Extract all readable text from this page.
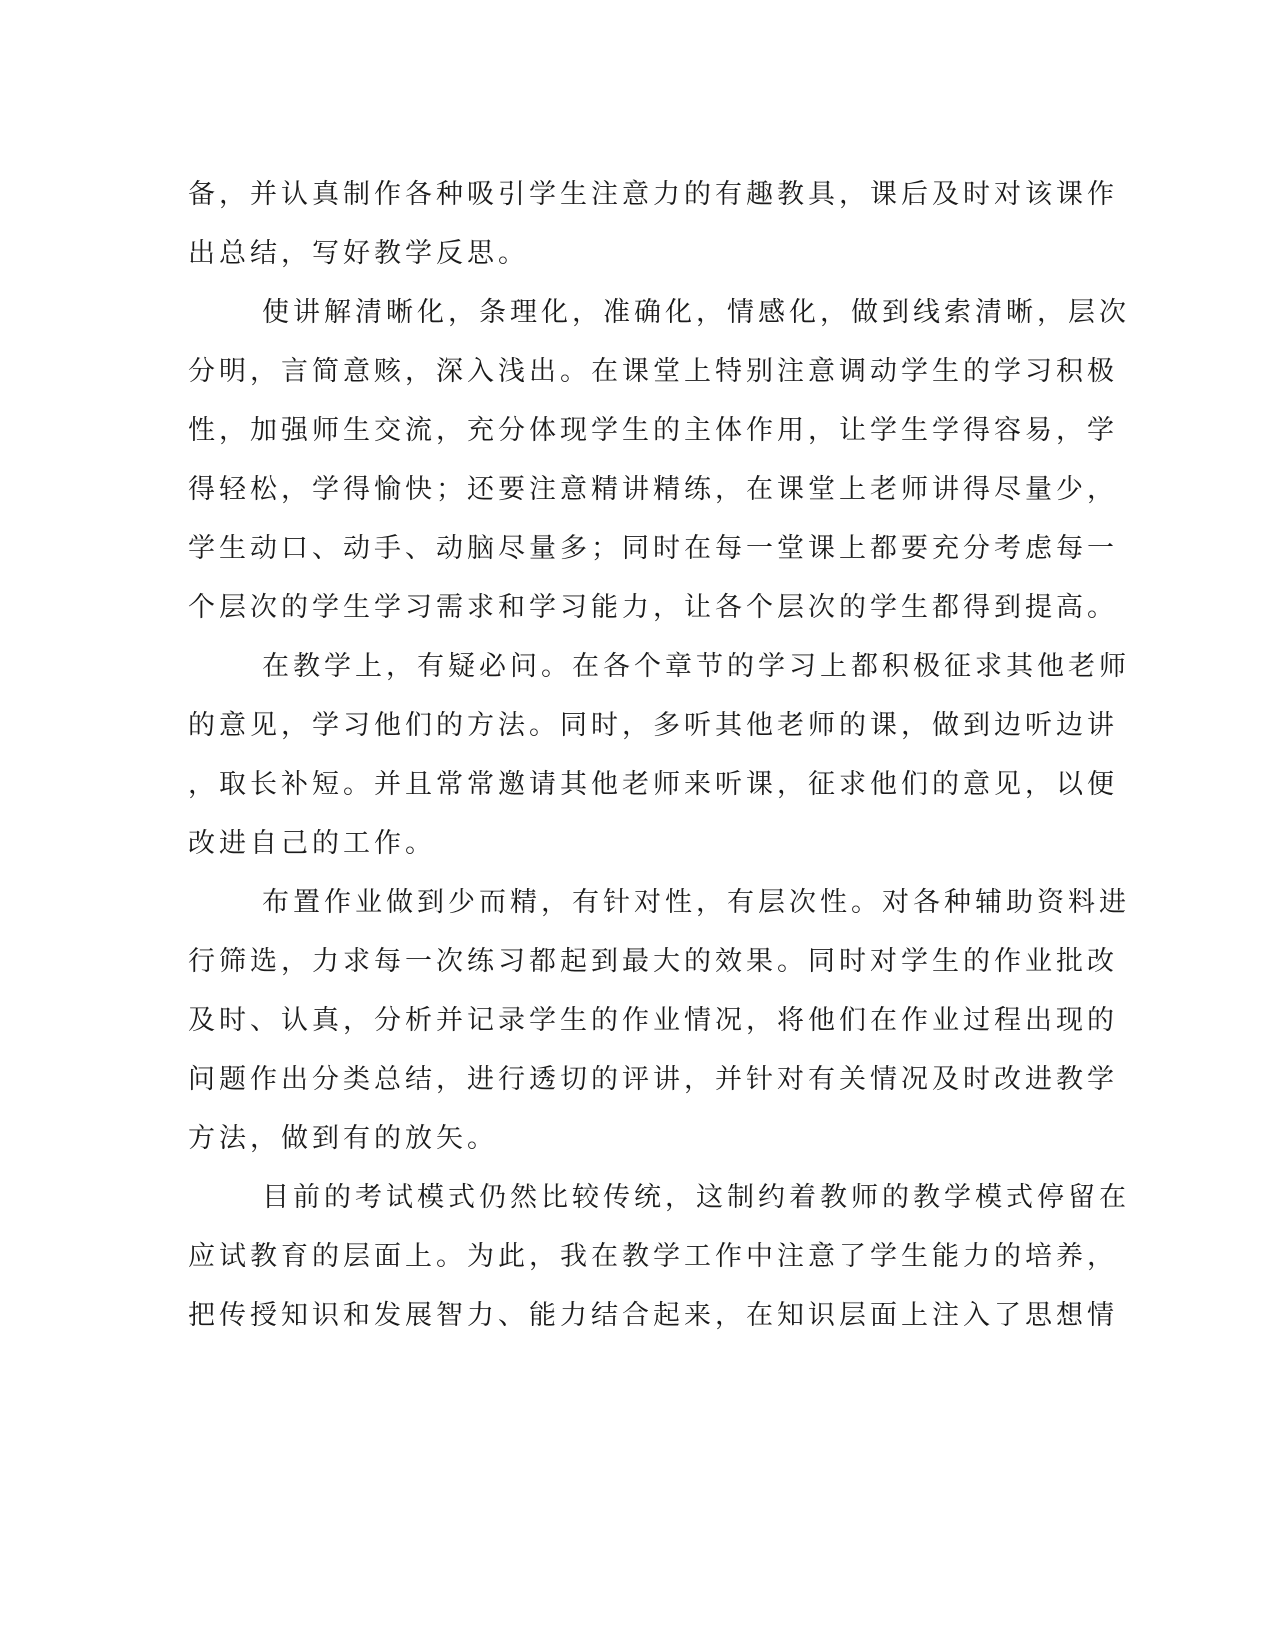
备，并认真制作各种吸引学生注意力的有趣教具，课后及时对该课作
出总结，写好教学反思。
使讲解清晰化，条理化，准确化，情感化，做到线索清晰，层次
分明，言简意赅，深入浅出。在课堂上特别注意调动学生的学习积极
性，加强师生交流，充分体现学生的主体作用，让学生学得容易，学
得轻松，学得愉快；还要注意精讲精练，在课堂上老师讲得尽量少，
学生动口、动手、动脑尽量多；同时在每一堂课上都要充分考虑每一
个层次的学生学习需求和学习能力，让各个层次的学生都得到提高。
在教学上，有疑必问。在各个章节的学习上都积极征求其他老师
的意见，学习他们的方法。同时，多听其他老师的课，做到边听边讲
，取长补短。并且常常邀请其他老师来听课，征求他们的意见，以便
改进自己的工作。
布置作业做到少而精，有针对性，有层次性。对各种辅助资料进
行筛选，力求每一次练习都起到最大的效果。同时对学生的作业批改
及时、认真，分析并记录学生的作业情况，将他们在作业过程出现的
问题作出分类总结，进行透切的评讲，并针对有关情况及时改进教学
方法，做到有的放矢。
目前的考试模式仍然比较传统，这制约着教师的教学模式停留在
应试教育的层面上。为此，我在教学工作中注意了学生能力的培养，
把传授知识和发展智力、能力结合起来，在知识层面上注入了思想情
